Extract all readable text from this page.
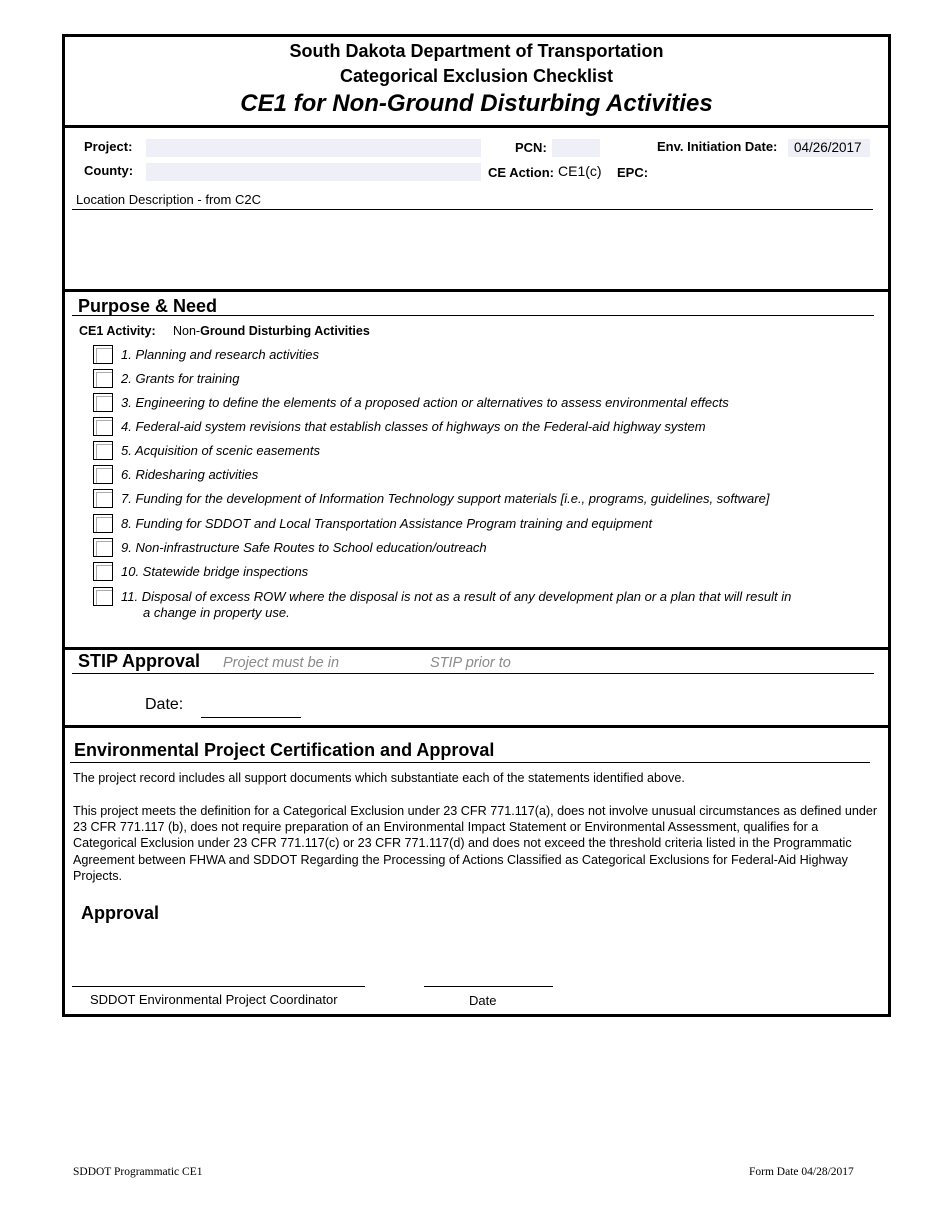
South Dakota Department of Transportation
Categorical Exclusion Checklist
CE1 for Non-Ground Disturbing Activities
Project:
County:
PCN:	Env. Initiation Date: 04/26/2017
CE Action: CE1(c) EPC:
Location Description - from C2C
Purpose & Need
CE1 Activity: Non-Ground Disturbing Activities
1. Planning and research activities
2. Grants for training
3. Engineering to define the elements of a proposed action or alternatives to assess environmental effects
4. Federal-aid system revisions that establish classes of highways on the Federal-aid highway system
5. Acquisition of scenic easements
6. Ridesharing activities
7. Funding for the development of Information Technology support materials [i.e., programs, guidelines, software]
8. Funding for SDDOT and Local Transportation Assistance Program training and equipment
9. Non-infrastructure Safe Routes to School education/outreach
10. Statewide bridge inspections
11. Disposal of excess ROW where the disposal is not as a result of any development plan or a plan that will result in
a change in property use.
STIP Approval Project must be in	STIP prior to
Date:
Environmental Project Certification and Approval
The project record includes all support documents which substantiate each of the statements identified above.
This project meets the definition for a Categorical Exclusion under 23 CFR 771.117(a), does not involve unusual circumstances as defined under 23 CFR 771.117 (b), does not require preparation of an Environmental Impact Statement or Environmental Assessment, qualifies for a Categorical Exclusion under 23 CFR 771.117(c) or 23 CFR 771.117(d) and does not exceed the threshold criteria listed in the Programmatic Agreement between FHWA and SDDOT Regarding the Processing of Actions Classified as Categorical Exclusions for Federal-Aid Highway Projects.
Approval
SDDOT Environmental Project Coordinator	Date
SDDOT Programmatic CE1	Form Date 04/28/2017
